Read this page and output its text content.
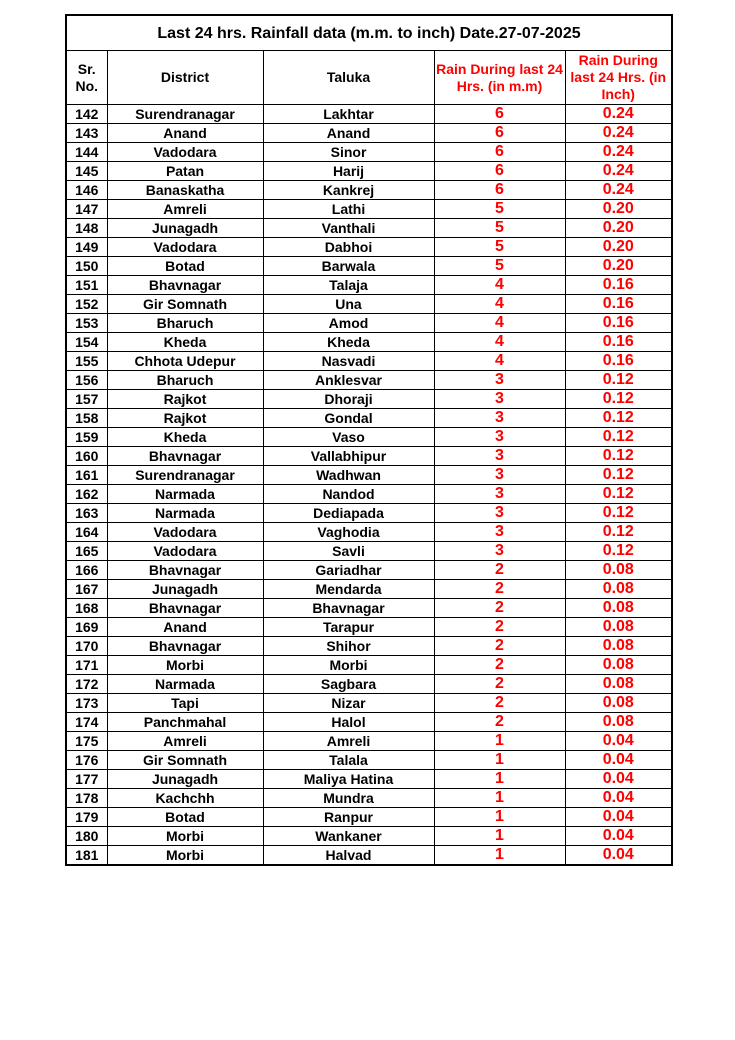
Last 24 hrs. Rainfall data (m.m. to inch) Date.27-07-2025				
Sr. No.	District	Taluka	Rain During last 24 Hrs. (in m.m)	Rain During last 24 Hrs. (in Inch)
142	Surendranagar	Lakhtar	6	0.24
143	Anand	Anand	6	0.24
144	Vadodara	Sinor	6	0.24
145	Patan	Harij	6	0.24
146	Banaskatha	Kankrej	6	0.24
147	Amreli	Lathi	5	0.20
148	Junagadh	Vanthali	5	0.20
149	Vadodara	Dabhoi	5	0.20
150	Botad	Barwala	5	0.20
151	Bhavnagar	Talaja	4	0.16
152	Gir Somnath	Una	4	0.16
153	Bharuch	Amod	4	0.16
154	Kheda	Kheda	4	0.16
155	Chhota Udepur	Nasvadi	4	0.16
156	Bharuch	Anklesvar	3	0.12
157	Rajkot	Dhoraji	3	0.12
158	Rajkot	Gondal	3	0.12
159	Kheda	Vaso	3	0.12
160	Bhavnagar	Vallabhipur	3	0.12
161	Surendranagar	Wadhwan	3	0.12
162	Narmada	Nandod	3	0.12
163	Narmada	Dediapada	3	0.12
164	Vadodara	Vaghodia	3	0.12
165	Vadodara	Savli	3	0.12
166	Bhavnagar	Gariadhar	2	0.08
167	Junagadh	Mendarda	2	0.08
168	Bhavnagar	Bhavnagar	2	0.08
169	Anand	Tarapur	2	0.08
170	Bhavnagar	Shihor	2	0.08
171	Morbi	Morbi	2	0.08
172	Narmada	Sagbara	2	0.08
173	Tapi	Nizar	2	0.08
174	Panchmahal	Halol	2	0.08
175	Amreli	Amreli	1	0.04
176	Gir Somnath	Talala	1	0.04
177	Junagadh	Maliya Hatina	1	0.04
178	Kachchh	Mundra	1	0.04
179	Botad	Ranpur	1	0.04
180	Morbi	Wankaner	1	0.04
181	Morbi	Halvad	1	0.04
